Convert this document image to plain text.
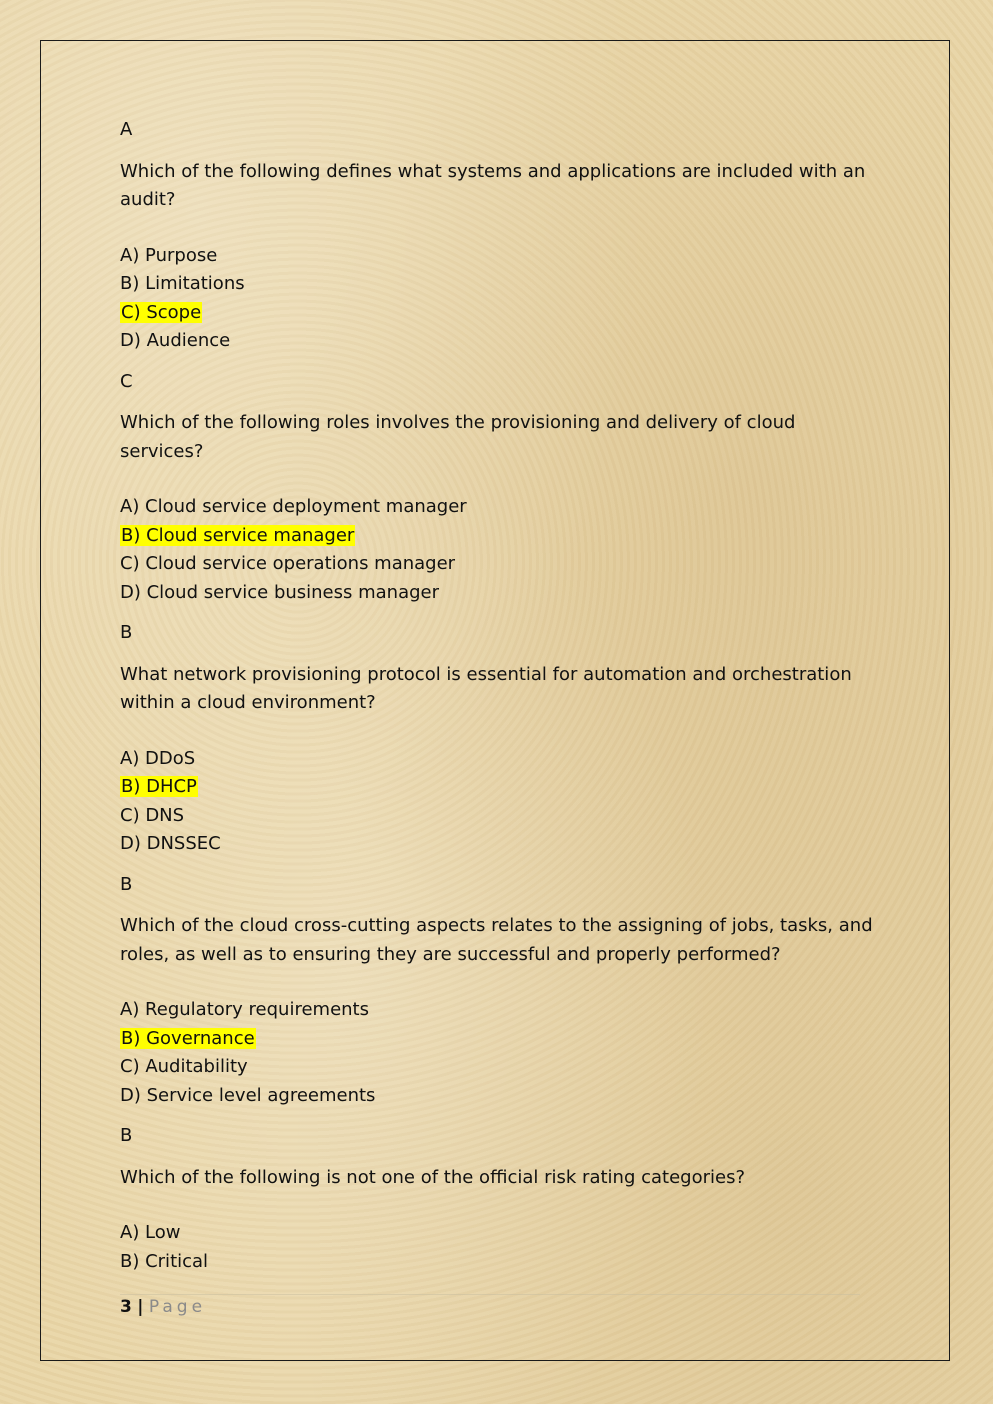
A
Which of the following defines what systems and applications are included with an audit?
A) Purpose
B) Limitations
C) Scope
D) Audience
C
Which of the following roles involves the provisioning and delivery of cloud services?
A) Cloud service deployment manager
B) Cloud service manager
C) Cloud service operations manager
D) Cloud service business manager
B
What network provisioning protocol is essential for automation and orchestration within a cloud environment?
A) DDoS
B) DHCP
C) DNS
D) DNSSEC
B
Which of the cloud cross-cutting aspects relates to the assigning of jobs, tasks, and roles, as well as to ensuring they are successful and properly performed?
A) Regulatory requirements
B) Governance
C) Auditability
D) Service level agreements
B
Which of the following is not one of the official risk rating categories?
A) Low
B) Critical
3 | Page
